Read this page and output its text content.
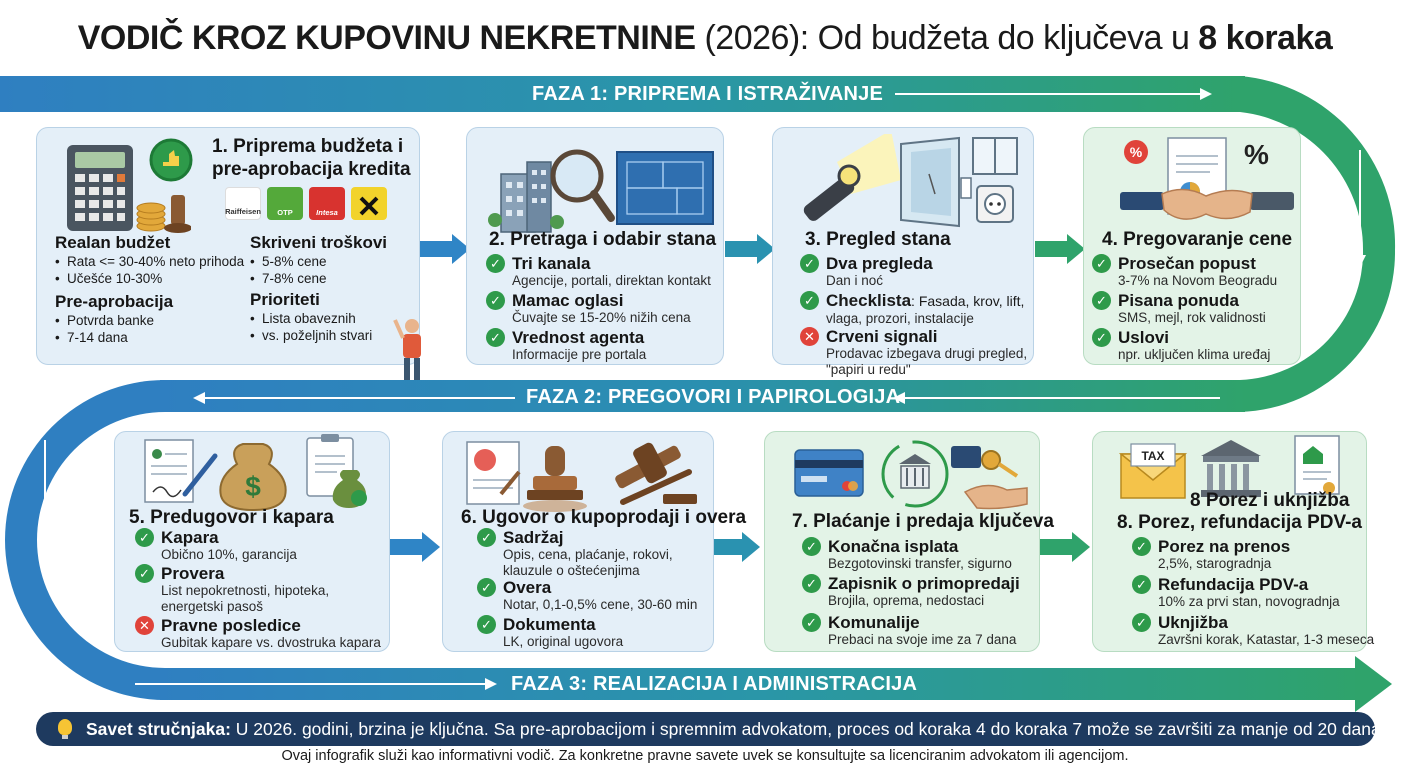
VODIČ KROZ KUPOVINU NEKRETNINE (2026): Od budžeta do ključeva u 8 koraka
FAZA 1: PRIPREMA I ISTRAŽIVANJE
FAZA 2: PREGOVORI I PAPIROLOGIJA
FAZA 3: REALIZACIJA I ADMINISTRACIJA
1. Priprema budžeta i
pre-aprobacija kredita
Raiffeisen OTP	Intesa
Realan budžet
• Rata <= 30-40% neto prihoda
• Učešće 10-30%
Pre-aprobacija
• Potvrda banke
• 7-14 dana
Skriveni troškovi
• 5-8% cene
• 7-8% cene
Prioriteti
• Lista obaveznih
• vs. poželjnih stvari
2. Pretraga i odabir stana
✓ Tri kanala
Agencije, portali, direktan kontakt
✓ Mamac oglasi
Čuvajte se 15-20% nižih cena
✓ Vrednost agenta
Informacije pre portala
3. Pregled stana
✓ Dva pregleda
Dan i noć
✓ Checklista: Fasada, krov, lift,
vlaga, prozori, instalacije
✕ Crveni signali
Prodavac izbegava drugi pregled,
"papiri u redu"
%	%
4. Pregovaranje cene
✓ Prosečan popust
3-7% na Novom Beogradu
✓ Pisana ponuda
SMS, mejl, rok validnosti
✓ Uslovi
npr. uključen klima uređaj
$
5. Predugovor i kapara
✓ Kapara
Obično 10%, garancija
✓ Provera
List nepokretnosti, hipoteka,
energetski pasoš
✕ Pravne posledice
Gubitak kapare vs. dvostruka kapara
6. Ugovor o kupoprodaji i overa
✓ Sadržaj
Opis, cena, plaćanje, rokovi,
klauzule o oštećenjima
✓ Overa
Notar, 0,1-0,5% cene, 30-60 min
✓ Dokumenta
LK, original ugovora
7. Plaćanje i predaja ključeva
✓ Konačna isplata
Bezgotovinski transfer, sigurno
✓ Zapisnik o primopredaji
Brojila, oprema, nedostaci
✓ Komunalije
Prebaci na svoje ime za 7 dana
TAX
8 Porez i uknjižba
8. Porez, refundacija PDV-a
✓ Porez na prenos
2,5%, starogradnja
✓ Refundacija PDV-a
10% za prvi stan, novogradnja
✓ Uknjižba
Završni korak, Katastar, 1-3 meseca
Savet stručnjaka: U 2026. godini, brzina je ključna. Sa pre-aprobacijom i spremnim advokatom, proces od koraka 4 do koraka 7 može se završiti za manje od 20 dana.
Ovaj infografik služi kao informativni vodič. Za konkretne pravne savete uvek se konsultujte sa licenciranim advokatom ili agencijom.
